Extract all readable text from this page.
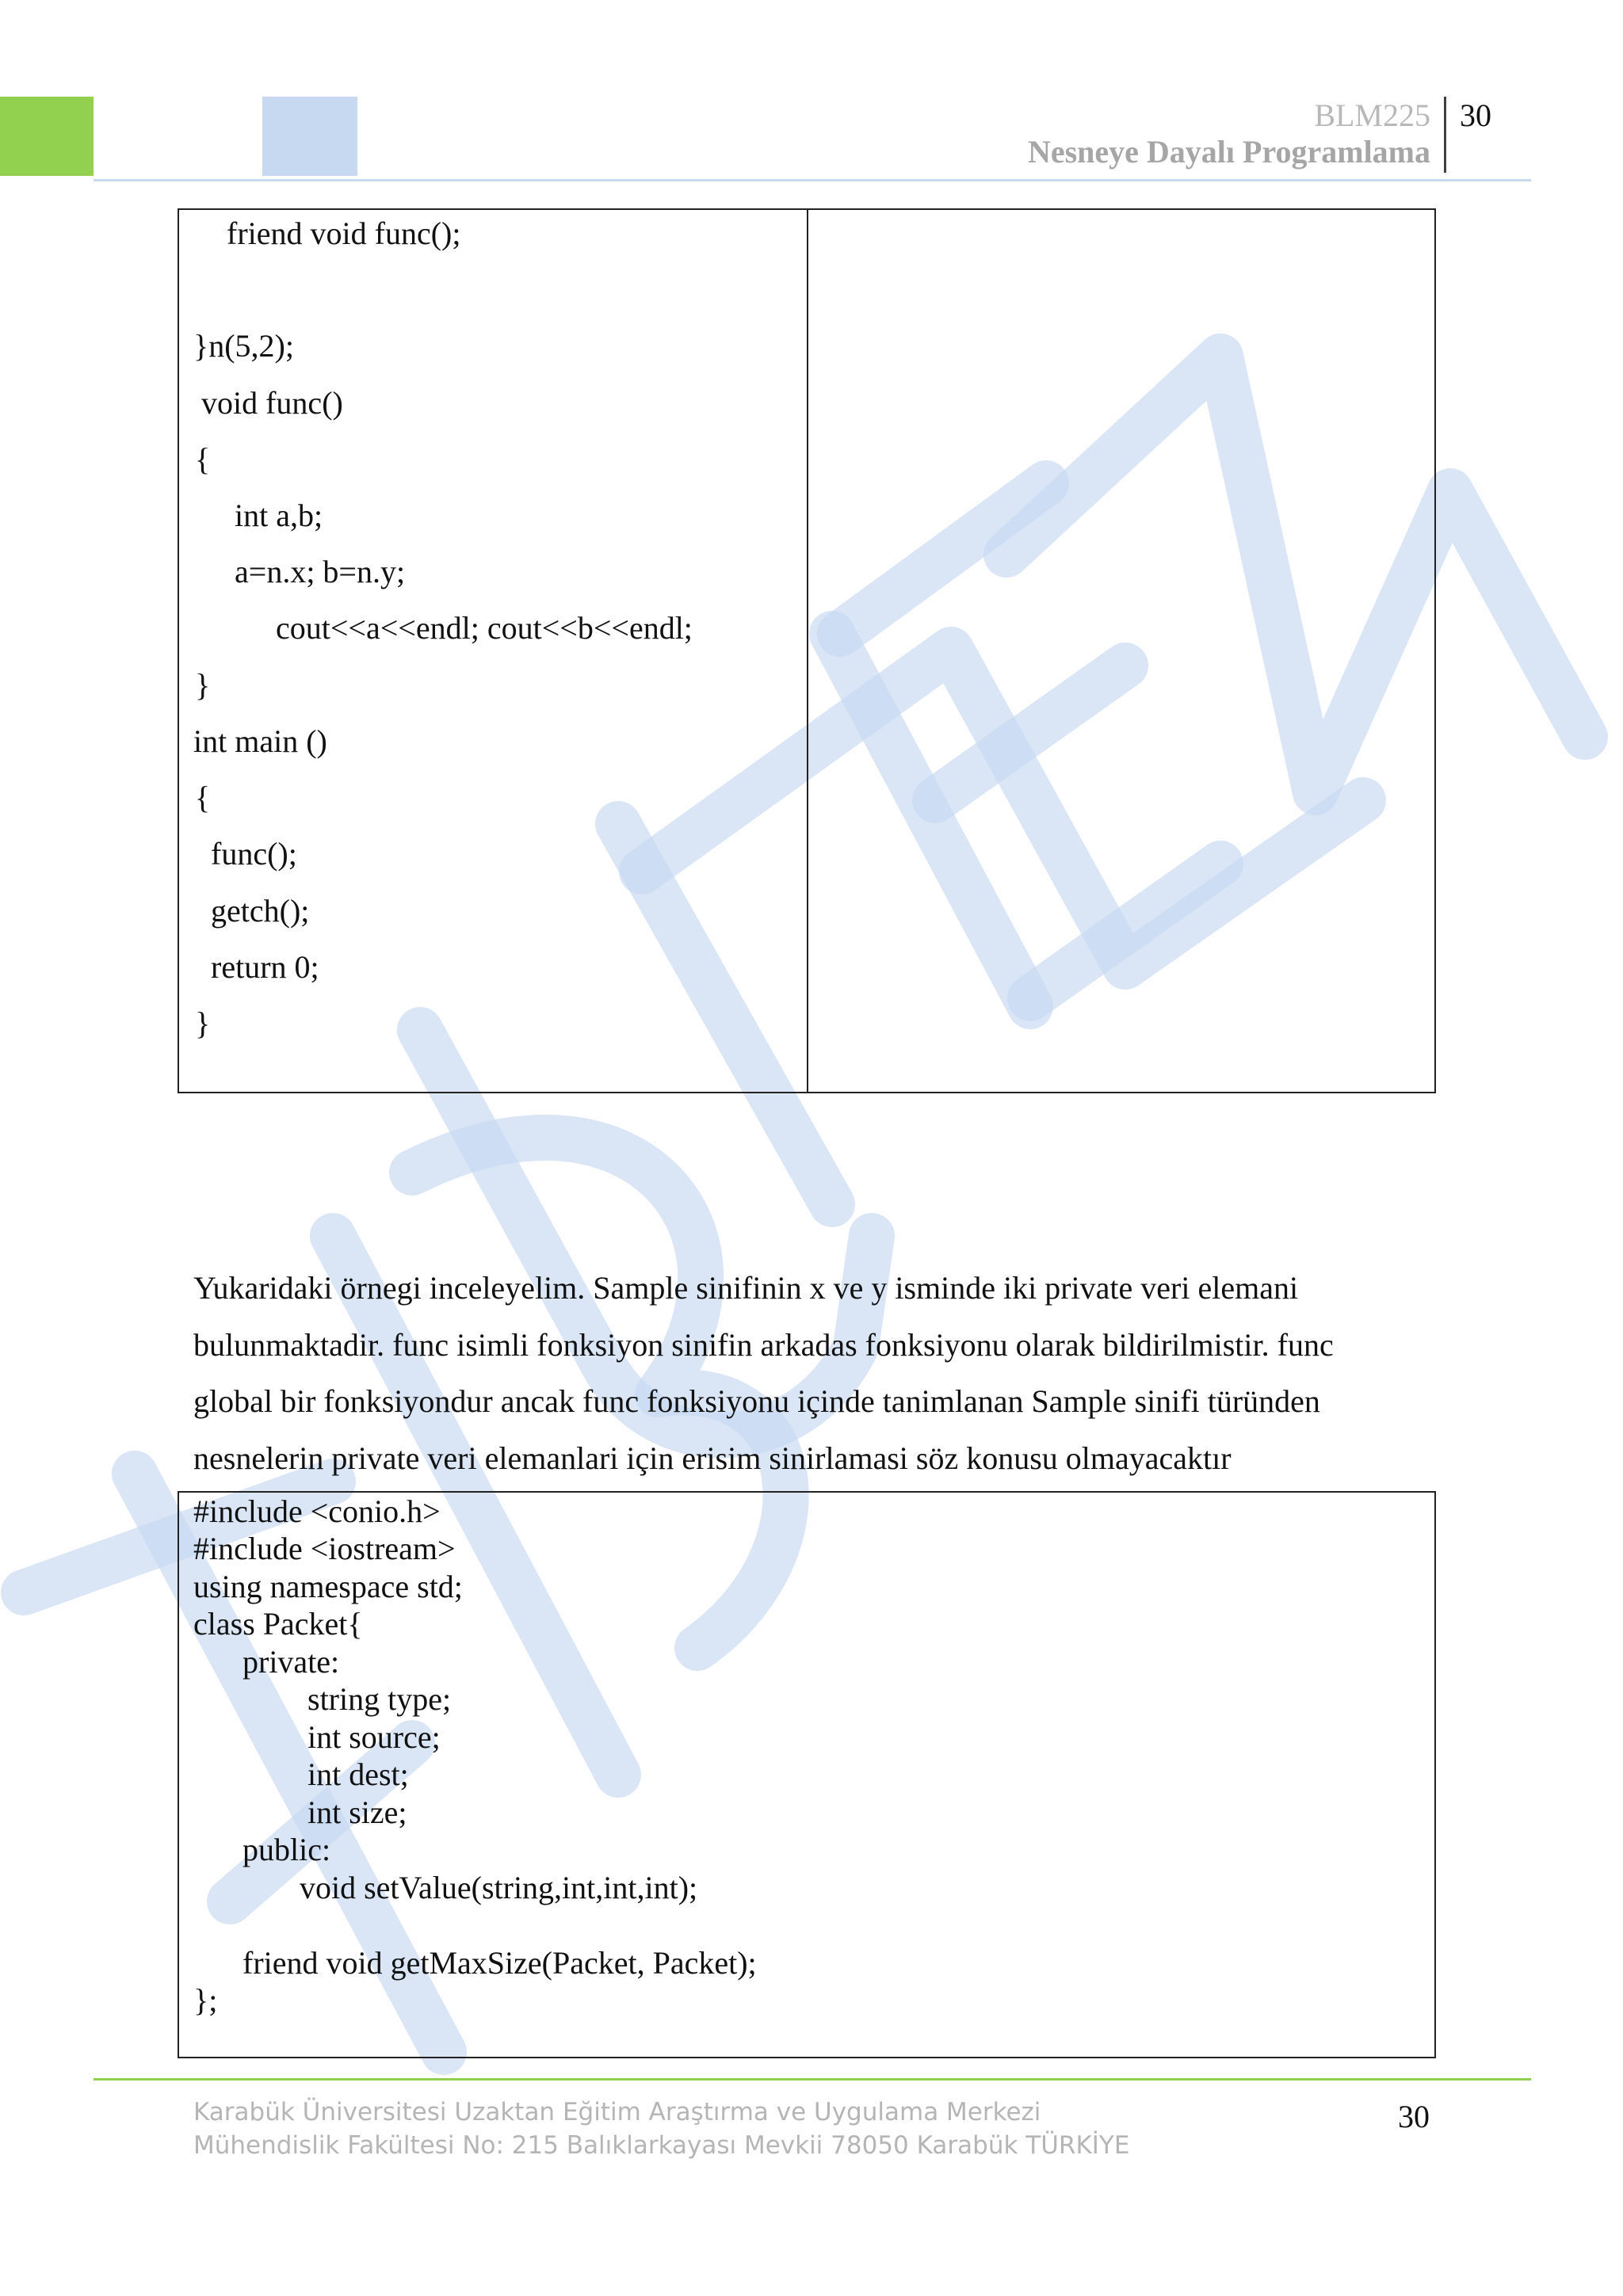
BLM225
Nesneye Dayalı Programlama
30
friend void func();
}n(5,2);
void func()
{
int a,b;
a=n.x; b=n.y;
cout<<a<<endl; cout<<b<<endl;
}
int main ()
{
func();
getch();
return 0;
}
Yukaridaki örnegi inceleyelim. Sample sinifinin x ve y isminde iki private veri elemani
bulunmaktadir. func isimli fonksiyon sinifin arkadas fonksiyonu olarak bildirilmistir. func
global bir fonksiyondur ancak func fonksiyonu içinde tanimlanan Sample sinifi türünden
nesnelerin private veri elemanlari için erisim sinirlamasi söz konusu olmayacaktır
#include <conio.h>
#include <iostream>
using namespace std;
class Packet{
private:
string type;
int source;
int dest;
int size;
public:
void setValue(string,int,int,int);
friend void getMaxSize(Packet, Packet);
};
Karabük Üniversitesi Uzaktan Eğitim Araştırma ve Uygulama Merkezi
Mühendislik Fakültesi No: 215 Balıklarkayası Mevkii 78050 Karabük TÜRKİYE
30
